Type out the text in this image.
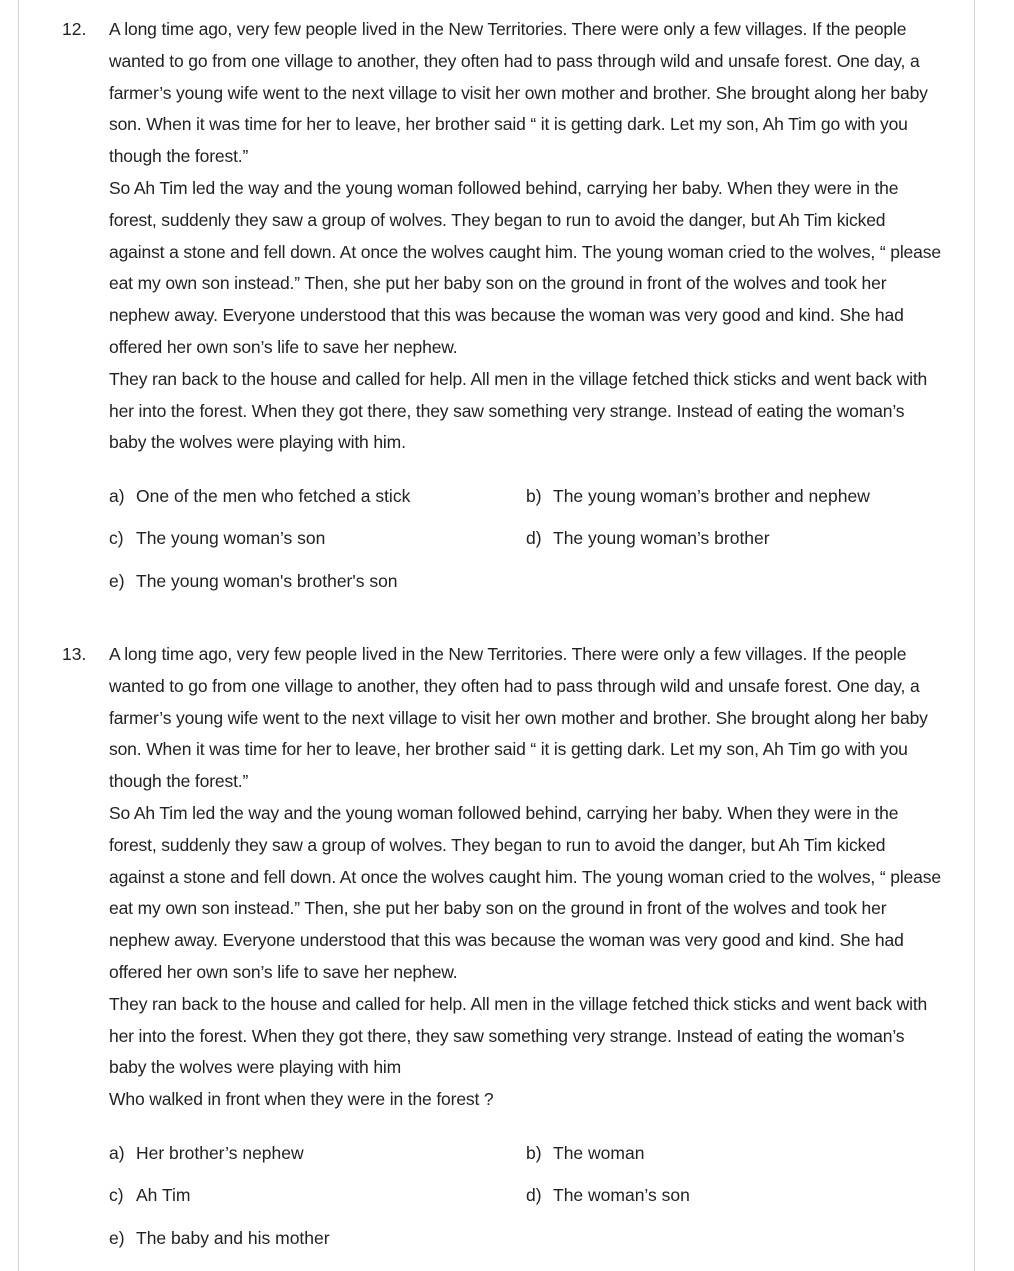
12. A long time ago, very few people lived in the New Territories. There were only a few villages. If the people wanted to go from one village to another, they often had to pass through wild and unsafe forest. One day, a farmer’s young wife went to the next village to visit her own mother and brother. She brought along her baby son. When it was time for her to leave, her brother said “ it is getting dark. Let my son, Ah Tim go with you though the forest.”

So Ah Tim led the way and the young woman followed behind, carrying her baby. When they were in the forest, suddenly they saw a group of wolves. They began to run to avoid the danger, but Ah Tim kicked against a stone and fell down. At once the wolves caught him. The young woman cried to the wolves, “ please eat my own son instead.” Then, she put her baby son on the ground in front of the wolves and took her nephew away. Everyone understood that this was because the woman was very good and kind. She had offered her own son’s life to save her nephew.

They ran back to the house and called for help. All men in the village fetched thick sticks and went back with her into the forest. When they got there, they saw something very strange. Instead of eating the woman’s baby the wolves were playing with him.

a) One of the men who fetched a stick	b) The young woman’s brother and nephew
c) The young woman’s son	d) The young woman’s brother
e) The young woman's brother's son
13. A long time ago, very few people lived in the New Territories. There were only a few villages. If the people wanted to go from one village to another, they often had to pass through wild and unsafe forest. One day, a farmer’s young wife went to the next village to visit her own mother and brother. She brought along her baby son. When it was time for her to leave, her brother said “ it is getting dark. Let my son, Ah Tim go with you though the forest.”

So Ah Tim led the way and the young woman followed behind, carrying her baby. When they were in the forest, suddenly they saw a group of wolves. They began to run to avoid the danger, but Ah Tim kicked against a stone and fell down. At once the wolves caught him. The young woman cried to the wolves, “ please eat my own son instead.” Then, she put her baby son on the ground in front of the wolves and took her nephew away. Everyone understood that this was because the woman was very good and kind. She had offered her own son’s life to save her nephew.

They ran back to the house and called for help. All men in the village fetched thick sticks and went back with her into the forest. When they got there, they saw something very strange. Instead of eating the woman’s baby the wolves were playing with him

Who walked in front when they were in the forest ?

a) Her brother’s nephew	b) The woman
c) Ah Tim	d) The woman’s son
e) The baby and his mother
